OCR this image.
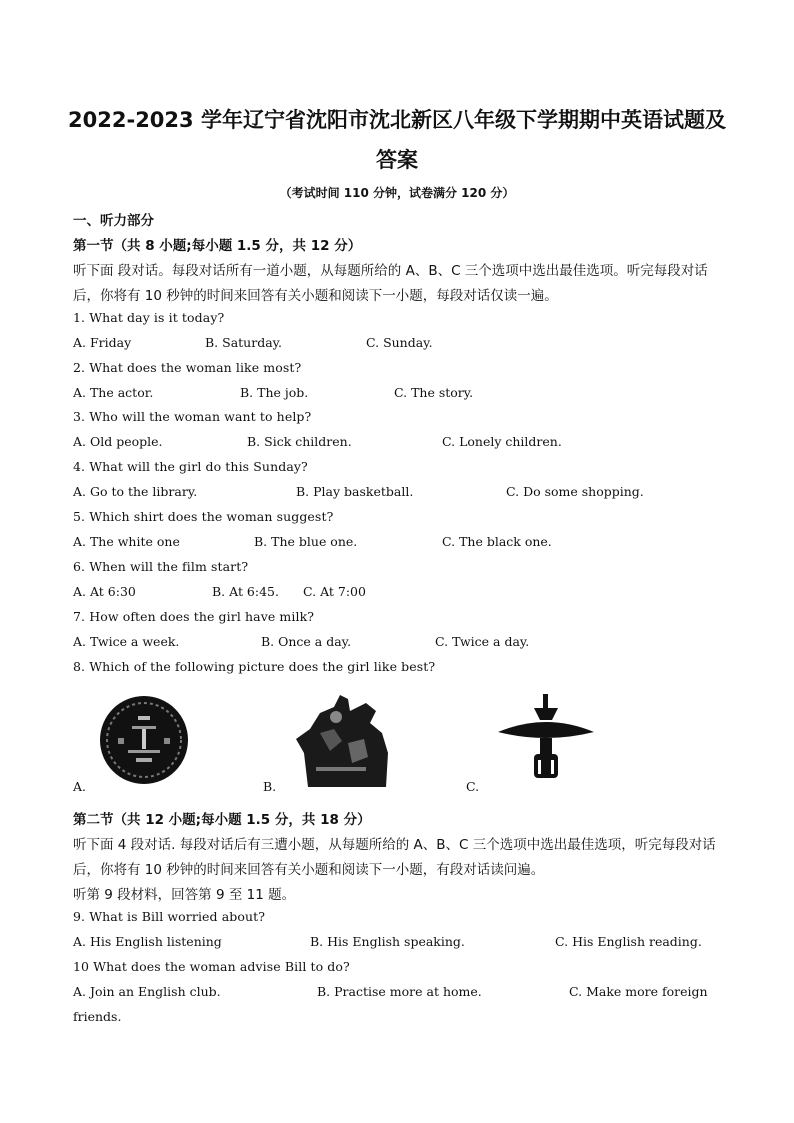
2022-2023 学年辽宁省沈阳市沈北新区八年级下学期期中英语试题及
答案
（考试时间 110 分钟，试卷满分 120 分）
一、听力部分
第一节（共 8 小题;每小题 1.5 分，共 12 分）
听下面 段对话。每段对话所有一道小题，从每题所给的 A、B、C 三个选项中选出最佳选项。听完每段对话
后，你将有 10 秒钟的时间来回答有关小题和阅读下一小题，每段对话仅读一遍。
1. What day is it today?
A. Friday	B. Saturday.	C. Sunday.
2. What does the woman like most?
A. The actor.	B. The job.	C. The story.
3. Who will the woman want to help?
A. Old people.	B. Sick children.	C. Lonely children.
4. What will the girl do this Sunday?
A. Go to the library.	B. Play basketball.	C. Do some shopping.
5. Which shirt does the woman suggest?
A. The white one	B. The blue one.	C. The black one.
6. When will the film start?
A. At 6:30	B. At 6:45. C. At 7:00
7. How often does the girl have milk?
A. Twice a week.	B. Once a day.	C. Twice a day.
8. Which of the following picture does the girl like best?
A.	B.	C.
第二节（共 12 小题;每小题 1.5 分，共 18 分）
听下面 4 段对话. 每段对话后有三遭小题，从每题所给的 A、B、C 三个选项中选出最佳选项，听完每段对话
后，你将有 10 秒钟的时间来回答有关小题和阅读下一小题，有段对话读问遍。
听第 9 段材料，回答第 9 至 11 题。
9. What is Bill worried about?
A. His English listening	B. His English speaking.	C. His English reading.
10 What does the woman advise Bill to do?
A. Join an English club.	B. Practise more at home.	C. Make more foreign
friends.
